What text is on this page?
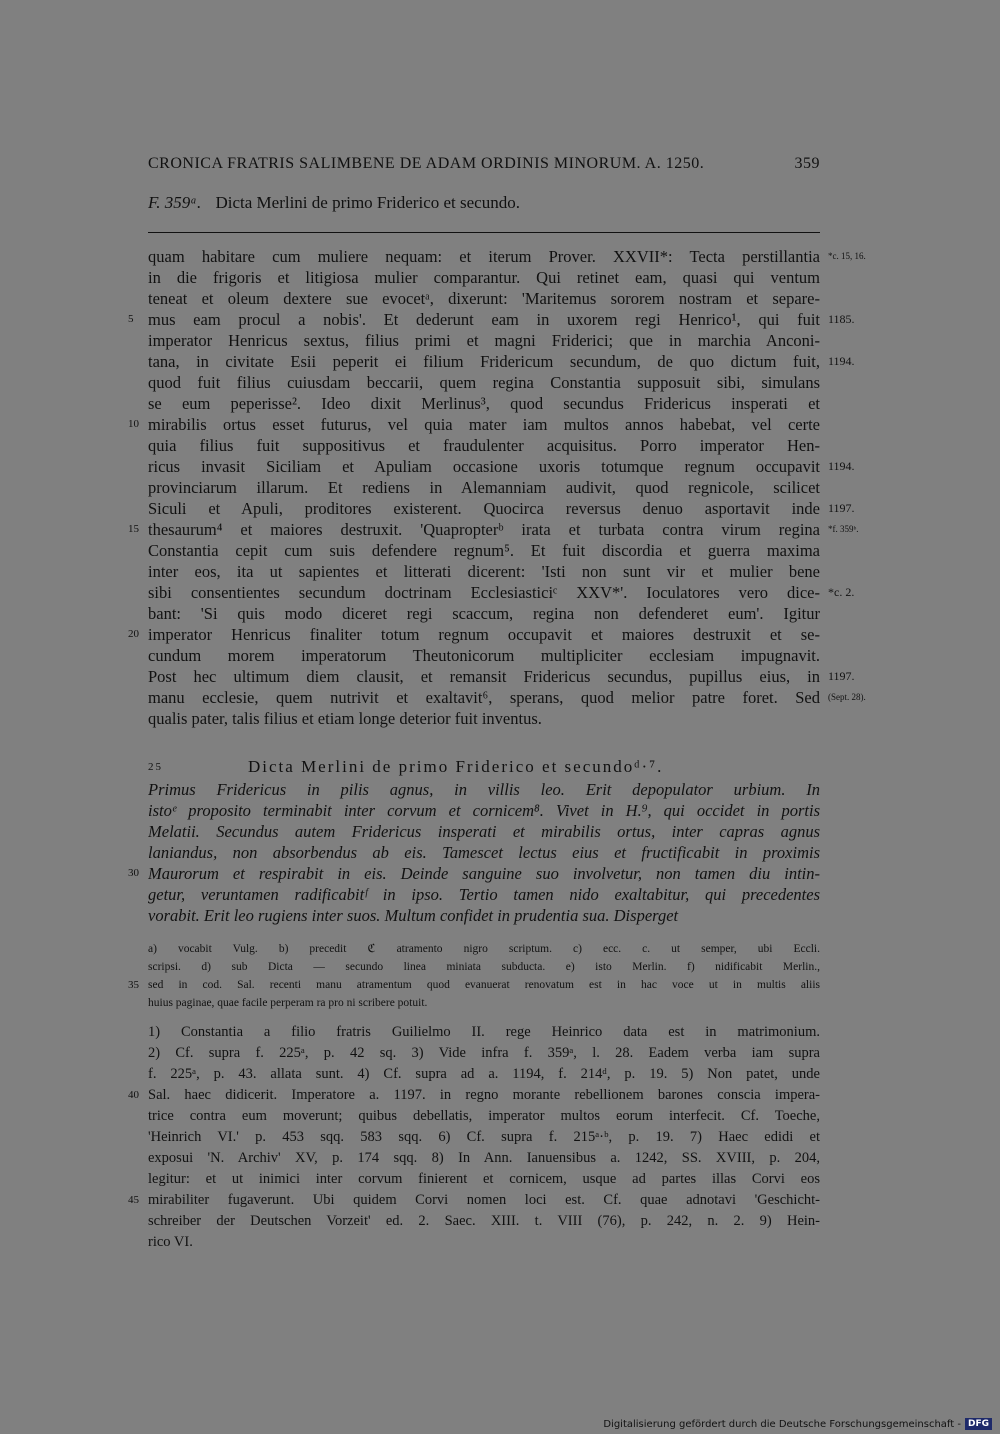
CRONICA FRATRIS SALIMBENE DE ADAM ORDINIS MINORUM. A. 1250.	359
F. 359ᵃ. Dicta Merlini de primo Friderico et secundo.
quam habitare cum muliere nequam: et iterum Prover. XXVII*: Tecta perstillantia *c. 15, 16.
in die frigoris et litigiosa mulier comparantur. Qui retinet eam, quasi qui ventum
teneat et oleum dextere sue evocetᵃ, dixerunt: 'Maritemus sororem nostram et separe-
mus eam procul a nobis'. Et dederunt eam in uxorem regi Henrico¹, qui fuit
5	1185.
imperator Henricus sextus, filius primi et magni Friderici; que in marchia Anconi-
tana, in civitate Esii peperit ei filium Fridericum secundum, de quo dictum fuit, 1194.
quod fuit filius cuiusdam beccarii, quem regina Constantia supposuit sibi, simulans
se eum peperisse². Ideo dixit Merlinus³, quod secundus Fridericus insperati et
mirabilis ortus esset futurus, vel quia mater iam multos annos habebat, vel certe
10
quia filius fuit suppositivus et fraudulenter acquisitus. Porro imperator Hen-
ricus invasit Siciliam et Apuliam occasione uxoris totumque regnum occupavit 1194.
provinciarum illarum. Et rediens in Alemanniam audivit, quod regnicole, scilicet
Siculi et Apuli, proditores existerent. Quocirca reversus denuo asportavit inde 1197.
thesaurum⁴ et maiores destruxit. 'Quapropterᵇ irata et turbata contra virum regina
15	*f. 359ᵇ.
Constantia cepit cum suis defendere regnum⁵. Et fuit discordia et guerra maxima
inter eos, ita ut sapientes et litterati dicerent: 'Isti non sunt vir et mulier bene
sibi consentientes secundum doctrinam Ecclesiasticiᶜ XXV*'. Ioculatores vero dice- *c. 2.
bant: 'Si quis modo diceret regi scaccum, regina non defenderet eum'. Igitur
imperator Henricus finaliter totum regnum occupavit et maiores destruxit et se-
20
cundum morem imperatorum Theutonicorum multipliciter ecclesiam impugnavit.
Post hec ultimum diem clausit, et remansit Fridericus secundus, pupillus eius, in 1197.
manu ecclesie, quem nutrivit et exaltavit⁶, sperans, quod melior patre foret. Sed (Sept. 28).
qualis pater, talis filius et etiam longe deterior fuit inventus.
25	Dicta Merlini de primo Friderico et secundoᵈ·⁷.
Primus Fridericus in pilis agnus, in villis leo. Erit depopulator urbium. In
istoᵉ proposito terminabit inter corvum et cornicem⁸. Vivet in H.⁹, qui occidet in portis
Melatii. Secundus autem Fridericus insperati et mirabilis ortus, inter capras agnus
laniandus, non absorbendus ab eis. Tamescet lectus eius et fructificabit in proximis
Maurorum et respirabit in eis. Deinde sanguine suo involvetur, non tamen diu intin-
30
getur, veruntamen radificabitᶠ in ipso. Tertio tamen nido exaltabitur, qui precedentes
vorabit. Erit leo rugiens inter suos. Multum confidet in prudentia sua. Disperget
a) vocabit Vulg. b) precedit ℭ atramento nigro scriptum. c) ecc. c. ut semper, ubi Eccli.
scripsi. d) sub Dicta — secundo linea miniata subducta. e) isto Merlin. f) nidificabit Merlin.,
sed in cod. Sal. recenti manu atramentum quod evanuerat renovatum est in hac voce ut in multis aliis
35
huius paginae, quae facile perperam ra pro ni scribere potuit.
1) Constantia a filio fratris Guilielmo II. rege Heinrico data est in matrimonium.
2) Cf. supra f. 225ᵃ, p. 42 sq. 3) Vide infra f. 359ᵃ, l. 28. Eadem verba iam supra
f. 225ᵃ, p. 43. allata sunt. 4) Cf. supra ad a. 1194, f. 214ᵈ, p. 19. 5) Non patet, unde
Sal. haec didicerit. Imperatore a. 1197. in regno morante rebellionem barones conscia impera-
40
trice contra eum moverunt; quibus debellatis, imperator multos eorum interfecit. Cf. Toeche,
'Heinrich VI.' p. 453 sqq. 583 sqq. 6) Cf. supra f. 215ᵃ·ᵇ, p. 19. 7) Haec edidi et
exposui 'N. Archiv' XV, p. 174 sqq. 8) In Ann. Ianuensibus a. 1242, SS. XVIII, p. 204,
legitur: et ut inimici inter corvum finierent et cornicem, usque ad partes illas Corvi eos
mirabiliter fugaverunt. Ubi quidem Corvi nomen loci est. Cf. quae adnotavi 'Geschicht-
45
schreiber der Deutschen Vorzeit' ed. 2. Saec. XIII. t. VIII (76), p. 242, n. 2. 9) Hein-
rico VI.
Digitalisierung gefördert durch die Deutsche Forschungsgemeinschaft - DFG
